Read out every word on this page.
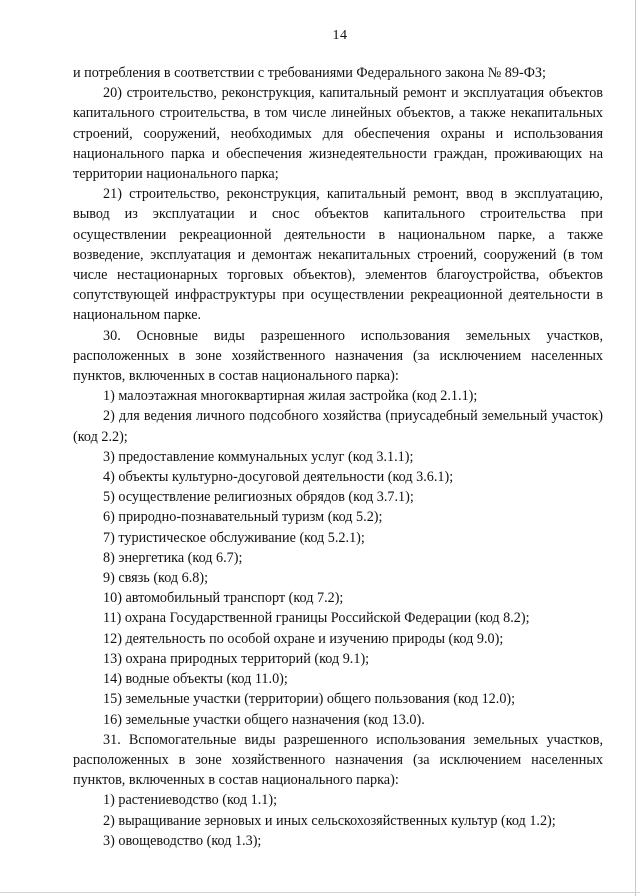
14

и потребления в соответствии с требованиями Федерального закона № 89-ФЗ;

20) строительство, реконструкция, капитальный ремонт и эксплуатация объектов капитального строительства, в том числе линейных объектов, а также некапитальных строений, сооружений, необходимых для обеспечения охраны и использования национального парка и обеспечения жизнедеятельности граждан, проживающих на территории национального парка;

21) строительство, реконструкция, капитальный ремонт, ввод в эксплуатацию, вывод из эксплуатации и снос объектов капитального строительства при осуществлении рекреационной деятельности в национальном парке, а также возведение, эксплуатация и демонтаж некапитальных строений, сооружений (в том числе нестационарных торговых объектов), элементов благоустройства, объектов сопутствующей инфраструктуры при осуществлении рекреационной деятельности в национальном парке.

30. Основные виды разрешенного использования земельных участков, расположенных в зоне хозяйственного назначения (за исключением населенных пунктов, включенных в состав национального парка):

1) малоэтажная многоквартирная жилая застройка (код 2.1.1);

2) для ведения личного подсобного хозяйства (приусадебный земельный участок) (код 2.2);

3) предоставление коммунальных услуг (код 3.1.1);

4) объекты культурно-досуговой деятельности (код 3.6.1);

5) осуществление религиозных обрядов (код 3.7.1);

6) природно-познавательный туризм (код 5.2);

7) туристическое обслуживание (код 5.2.1);

8) энергетика (код 6.7);

9) связь (код 6.8);

10) автомобильный транспорт (код 7.2);

11) охрана Государственной границы Российской Федерации (код 8.2);

12) деятельность по особой охране и изучению природы (код 9.0);

13) охрана природных территорий (код 9.1);

14) водные объекты (код 11.0);

15) земельные участки (территории) общего пользования (код 12.0);

16) земельные участки общего назначения (код 13.0).

31. Вспомогательные виды разрешенного использования земельных участков, расположенных в зоне хозяйственного назначения (за исключением населенных пунктов, включенных в состав национального парка):

1) растениеводство (код 1.1);

2) выращивание зерновых и иных сельскохозяйственных культур (код 1.2);

3) овощеводство (код 1.3);
